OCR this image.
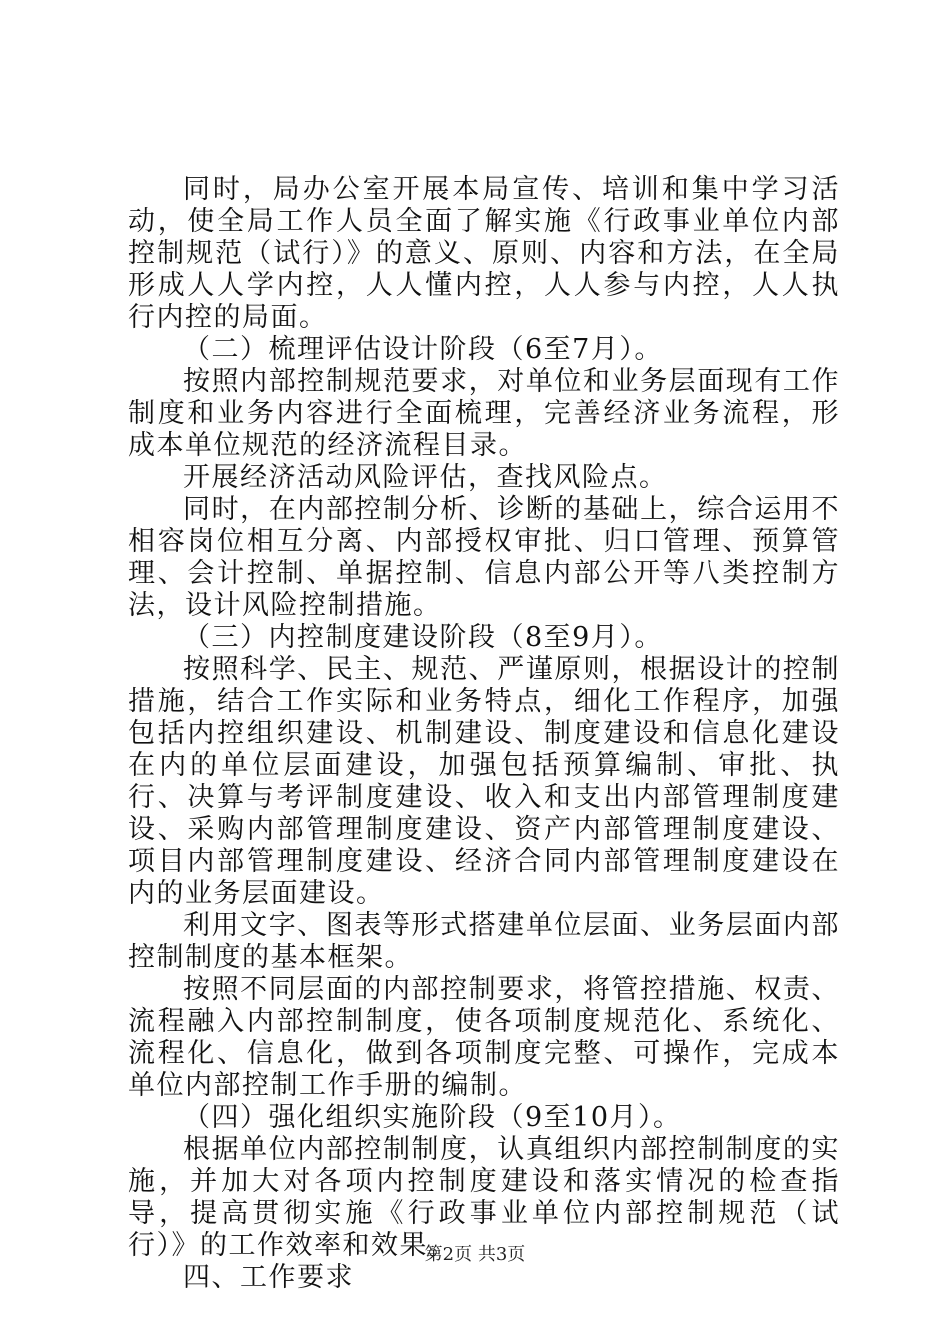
同时，局办公室开展本局宣传、培训和集中学习活动，使全局工作人员全面了解实施《行政事业单位内部控制规范（试行）》的意义、原则、内容和方法，在全局形成人人学内控，人人懂内控，人人参与内控，人人执行内控的局面。

（二）梳理评估设计阶段（6至7月）。

按照内部控制规范要求，对单位和业务层面现有工作制度和业务内容进行全面梳理，完善经济业务流程，形成本单位规范的经济流程目录。

开展经济活动风险评估，查找风险点。

同时，在内部控制分析、诊断的基础上，综合运用不相容岗位相互分离、内部授权审批、归口管理、预算管理、会计控制、单据控制、信息内部公开等八类控制方法，设计风险控制措施。

（三）内控制度建设阶段（8至9月）。

按照科学、民主、规范、严谨原则，根据设计的控制措施，结合工作实际和业务特点，细化工作程序，加强包括内控组织建设、机制建设、制度建设和信息化建设在内的单位层面建设，加强包括预算编制、审批、执行、决算与考评制度建设、收入和支出内部管理制度建设、采购内部管理制度建设、资产内部管理制度建设、项目内部管理制度建设、经济合同内部管理制度建设在内的业务层面建设。

利用文字、图表等形式搭建单位层面、业务层面内部控制制度的基本框架。

按照不同层面的内部控制要求，将管控措施、权责、流程融入内部控制制度，使各项制度规范化、系统化、流程化、信息化，做到各项制度完整、可操作，完成本单位内部控制工作手册的编制。

（四）强化组织实施阶段（9至10月）。

根据单位内部控制制度，认真组织内部控制制度的实施，并加大对各项内控制度建设和落实情况的检查指导，提高贯彻实施《行政事业单位内部控制规范（试行）》的工作效率和效果。

四、工作要求

第2页 共3页
